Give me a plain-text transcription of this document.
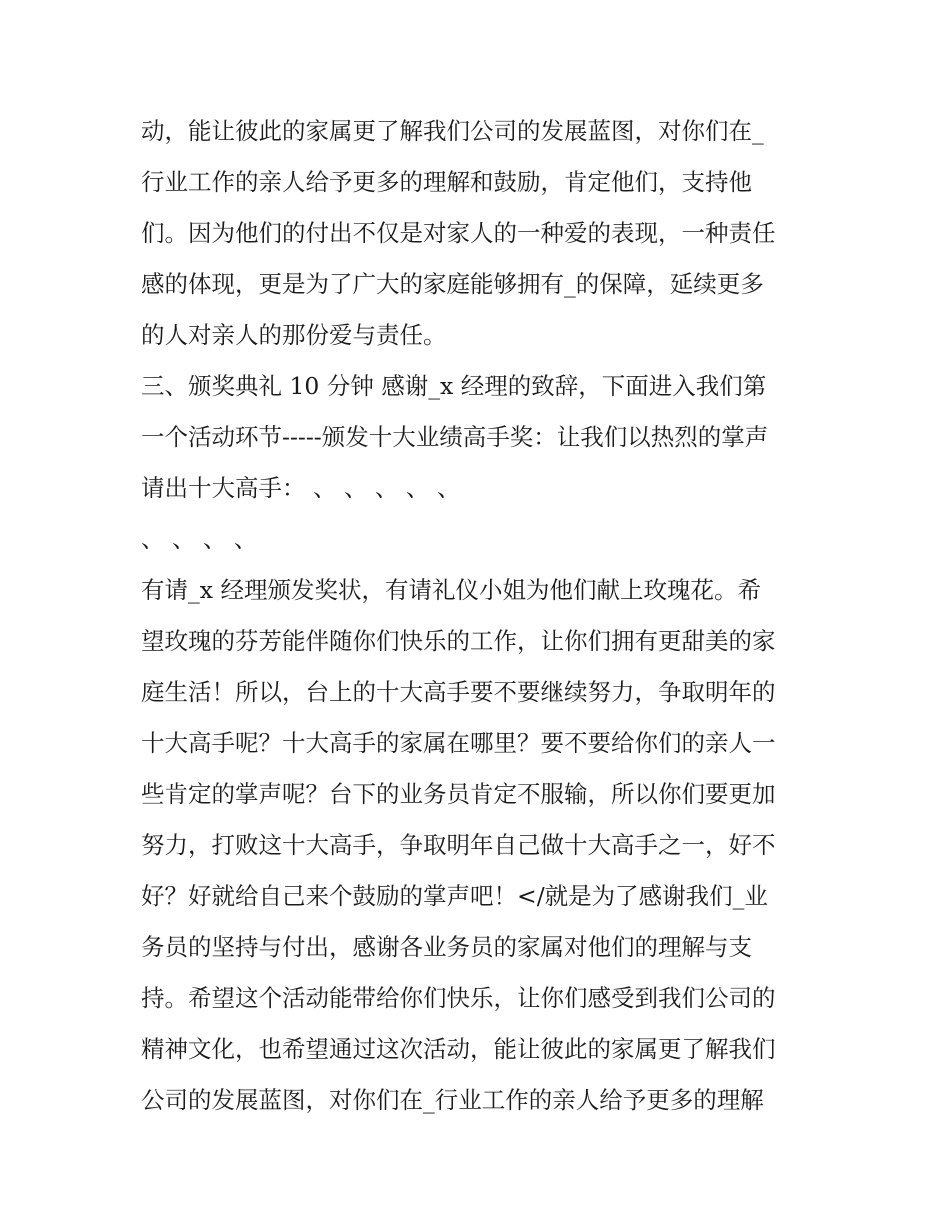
动，能让彼此的家属更了解我们公司的发展蓝图，对你们在_
行业工作的亲人给予更多的理解和鼓励，肯定他们，支持他
们。因为他们的付出不仅是对家人的一种爱的表现，一种责任
感的体现，更是为了广大的家庭能够拥有_的保障，延续更多
的人对亲人的那份爱与责任。
三、颁奖典礼 10 分钟 感谢_x 经理的致辞，下面进入我们第
一个活动环节-----颁发十大业绩高手奖：让我们以热烈的掌声
请出十大高手： 、 、 、 、 、
、 、 、 、
有请_x 经理颁发奖状，有请礼仪小姐为他们献上玫瑰花。希
望玫瑰的芬芳能伴随你们快乐的工作，让你们拥有更甜美的家
庭生活！所以，台上的十大高手要不要继续努力，争取明年的
十大高手呢？十大高手的家属在哪里？要不要给你们的亲人一
些肯定的掌声呢？台下的业务员肯定不服输，所以你们要更加
努力，打败这十大高手，争取明年自己做十大高手之一，好不
好？好就给自己来个鼓励的掌声吧！</就是为了感谢我们_业
务员的坚持与付出，感谢各业务员的家属对他们的理解与支
持。希望这个活动能带给你们快乐，让你们感受到我们公司的
精神文化，也希望通过这次活动，能让彼此的家属更了解我们
公司的发展蓝图，对你们在_行业工作的亲人给予更多的理解
